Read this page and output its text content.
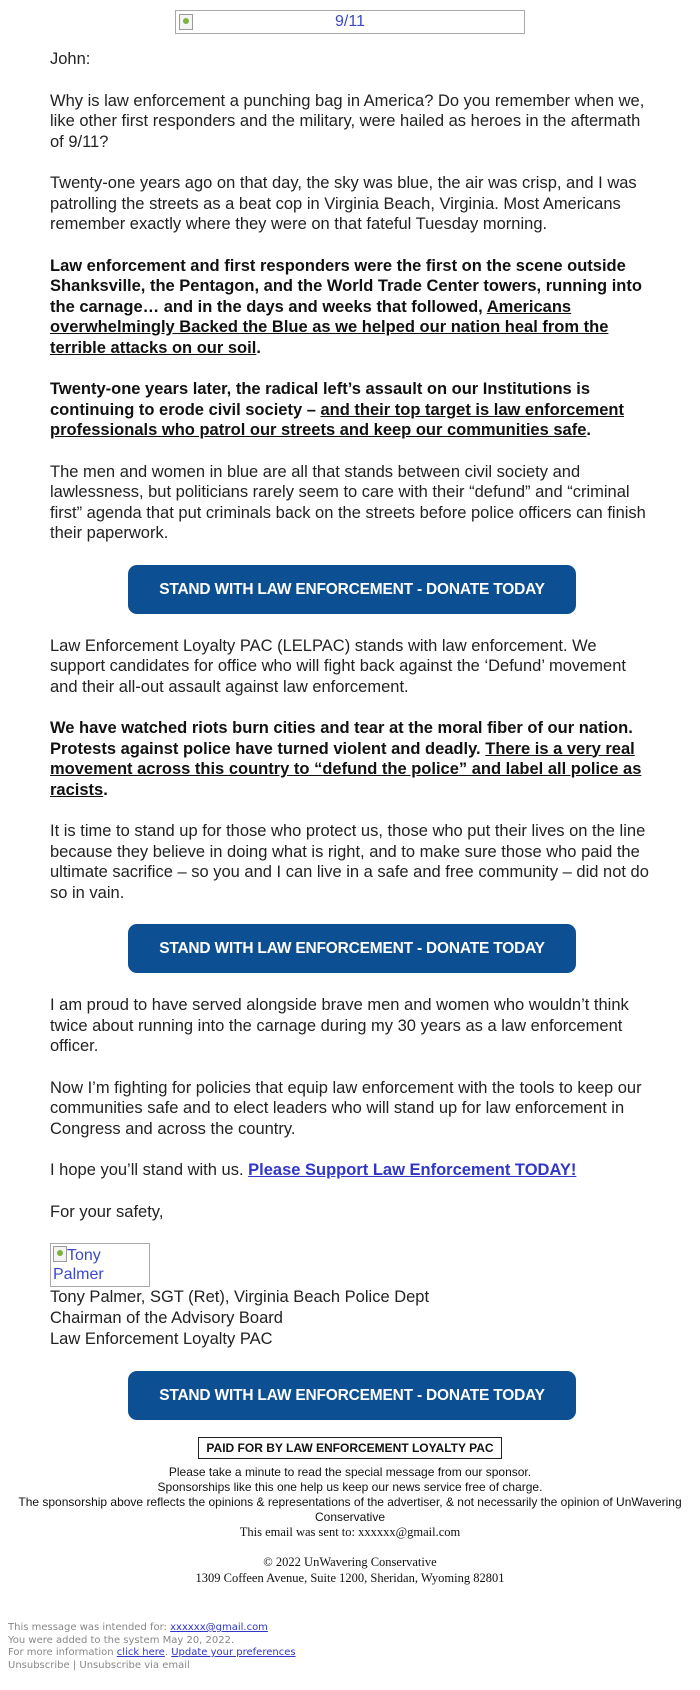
9/11

John:

Why is law enforcement a punching bag in America? Do you remember when we, like other first responders and the military, were hailed as heroes in the aftermath of 9/11?

Twenty-one years ago on that day, the sky was blue, the air was crisp, and I was patrolling the streets as a beat cop in Virginia Beach, Virginia. Most Americans remember exactly where they were on that fateful Tuesday morning.

Law enforcement and first responders were the first on the scene outside Shanksville, the Pentagon, and the World Trade Center towers, running into the carnage… and in the days and weeks that followed, Americans overwhelmingly Backed the Blue as we helped our nation heal from the terrible attacks on our soil.

Twenty-one years later, the radical left’s assault on our Institutions is continuing to erode civil society – and their top target is law enforcement professionals who patrol our streets and keep our communities safe.

The men and women in blue are all that stands between civil society and lawlessness, but politicians rarely seem to care with their “defund” and “criminal first” agenda that put criminals back on the streets before police officers can finish their paperwork.

STAND WITH LAW ENFORCEMENT - DONATE TODAY

Law Enforcement Loyalty PAC (LELPAC) stands with law enforcement. We support candidates for office who will fight back against the ‘Defund’ movement and their all-out assault against law enforcement.

We have watched riots burn cities and tear at the moral fiber of our nation. Protests against police have turned violent and deadly. There is a very real movement across this country to “defund the police” and label all police as racists.

It is time to stand up for those who protect us, those who put their lives on the line because they believe in doing what is right, and to make sure those who paid the ultimate sacrifice – so you and I can live in a safe and free community – did not do so in vain.

STAND WITH LAW ENFORCEMENT - DONATE TODAY

I am proud to have served alongside brave men and women who wouldn’t think twice about running into the carnage during my 30 years as a law enforcement officer.

Now I’m fighting for policies that equip law enforcement with the tools to keep our communities safe and to elect leaders who will stand up for law enforcement in Congress and across the country.

I hope you’ll stand with us. Please Support Law Enforcement TODAY!

For your safety,

Tony Palmer
Tony Palmer, SGT (Ret), Virginia Beach Police Dept
Chairman of the Advisory Board
Law Enforcement Loyalty PAC
STAND WITH LAW ENFORCEMENT - DONATE TODAY
PAID FOR BY LAW ENFORCEMENT LOYALTY PAC
Please take a minute to read the special message from our sponsor.
Sponsorships like this one help us keep our news service free of charge.
The sponsorship above reflects the opinions & representations of the advertiser, & not necessarily the opinion of UnWavering Conservative
This email was sent to: xxxxxx@gmail.com
© 2022 UnWavering Conservative
1309 Coffeen Avenue, Suite 1200, Sheridan, Wyoming 82801
This message was intended for: xxxxxx@gmail.com
You were added to the system May 20, 2022.
For more information click here. Update your preferences
Unsubscribe | Unsubscribe via email
